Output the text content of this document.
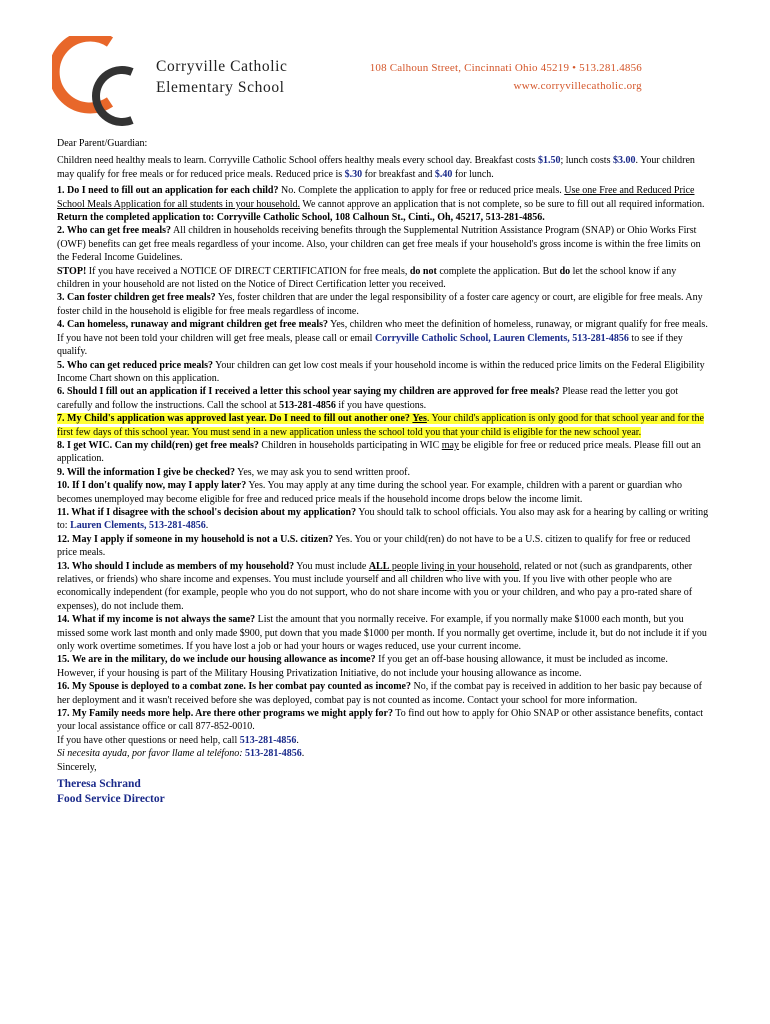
Corryville Catholic
Elementary School
108 Calhoun Street, Cincinnati Ohio 45219 • 513.281.4856
www.corryvillecatholic.org

Dear Parent/Guardian:

Children need healthy meals to learn. Corryville Catholic School offers healthy meals every school day. Breakfast costs $1.50; lunch costs $3.00. Your children may qualify for free meals or for reduced price meals. Reduced price is $.30 for breakfast and $.40 for lunch.

1. Do I need to fill out an application for each child? No. Complete the application to apply for free or reduced price meals. Use one Free and Reduced Price School Meals Application for all students in your household. We cannot approve an application that is not complete, so be sure to fill out all required information. Return the completed application to: Corryville Catholic School, 108 Calhoun St., Cinti., Oh, 45217, 513-281-4856.

2. Who can get free meals? All children in households receiving benefits through the Supplemental Nutrition Assistance Program (SNAP) or Ohio Works First (OWF) benefits can get free meals regardless of your income. Also, your children can get free meals if your household's gross income is within the free limits on the Federal Income Guidelines.

STOP! If you have received a NOTICE OF DIRECT CERTIFICATION for free meals, do not complete the application. But do let the school know if any children in your household are not listed on the Notice of Direct Certification letter you received.

3. Can foster children get free meals? Yes, foster children that are under the legal responsibility of a foster care agency or court, are eligible for free meals. Any foster child in the household is eligible for free meals regardless of income.

4. Can homeless, runaway and migrant children get free meals? Yes, children who meet the definition of homeless, runaway, or migrant qualify for free meals. If you have not been told your children will get free meals, please call or email Corryville Catholic School, Lauren Clements, 513-281-4856 to see if they qualify.

5. Who can get reduced price meals? Your children can get low cost meals if your household income is within the reduced price limits on the Federal Eligibility Income Chart shown on this application.

6. Should I fill out an application if I received a letter this school year saying my children are approved for free meals? Please read the letter you got carefully and follow the instructions. Call the school at 513-281-4856 if you have questions.

7. My Child's application was approved last year. Do I need to fill out another one? Yes. Your child's application is only good for that school year and for the first few days of this school year. You must send in a new application unless the school told you that your child is eligible for the new school year.

8. I get WIC. Can my child(ren) get free meals? Children in households participating in WIC may be eligible for free or reduced price meals. Please fill out an application.

9. Will the information I give be checked? Yes, we may ask you to send written proof.

10. If I don't qualify now, may I apply later? Yes. You may apply at any time during the school year. For example, children with a parent or guardian who becomes unemployed may become eligible for free and reduced price meals if the household income drops below the income limit.

11. What if I disagree with the school's decision about my application? You should talk to school officials. You also may ask for a hearing by calling or writing to: Lauren Clements, 513-281-4856.

12. May I apply if someone in my household is not a U.S. citizen? Yes. You or your child(ren) do not have to be a U.S. citizen to qualify for free or reduced price meals.

13. Who should I include as members of my household? You must include ALL people living in your household, related or not (such as grandparents, other relatives, or friends) who share income and expenses. You must include yourself and all children who live with you. If you live with other people who are economically independent (for example, people who you do not support, who do not share income with you or your children, and who pay a pro-rated share of expenses), do not include them.

14. What if my income is not always the same? List the amount that you normally receive. For example, if you normally make $1000 each month, but you missed some work last month and only made $900, put down that you made $1000 per month. If you normally get overtime, include it, but do not include it if you only work overtime sometimes. If you have lost a job or had your hours or wages reduced, use your current income.

15. We are in the military, do we include our housing allowance as income? If you get an off-base housing allowance, it must be included as income. However, if your housing is part of the Military Housing Privatization Initiative, do not include your housing allowance as income.

16. My Spouse is deployed to a combat zone. Is her combat pay counted as income? No, if the combat pay is received in addition to her basic pay because of her deployment and it wasn't received before she was deployed, combat pay is not counted as income. Contact your school for more information.

17. My Family needs more help. Are there other programs we might apply for? To find out how to apply for Ohio SNAP or other assistance benefits, contact your local assistance office or call 877-852-0010.

If you have other questions or need help, call 513-281-4856.

Si necesita ayuda, por favor llame al teléfono: 513-281-4856.

Sincerely,

Theresa Schrand

Food Service Director
